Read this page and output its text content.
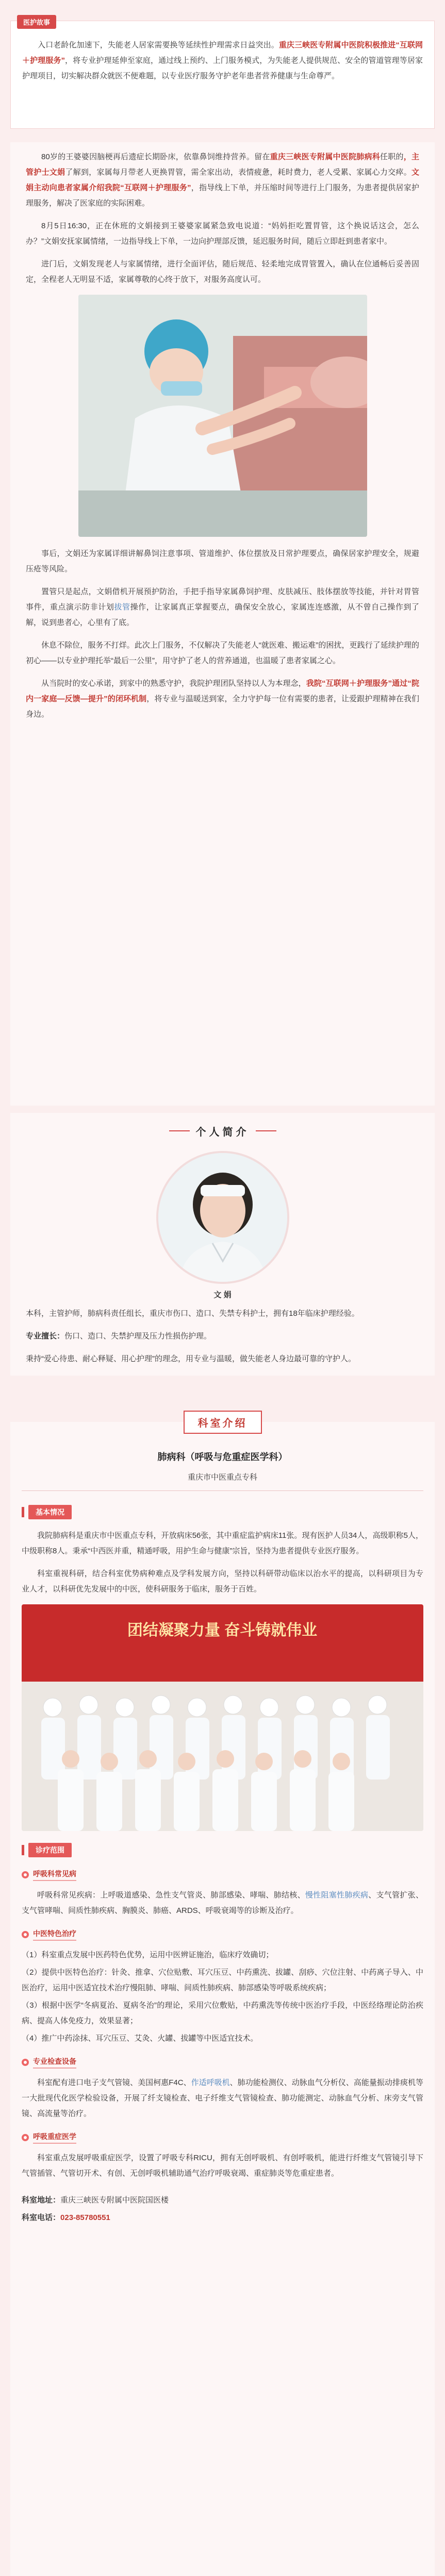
医护故事

入口老龄化加速下，失能老人居家需要换等延续性护理需求日益突出。重庆三峡医专附属中医院积极推进“互联网＋护理服务”，将专业护理延伸至家庭，通过线上预约、上门服务模式，为失能老人提供规范、安全的管道管理等居家护理项目，切实解决群众就医不便难题，以专业医疗服务守护老年患者营养健康与生命尊严。

80岁的王婆婆因脑梗再后遗症长期卧床，依靠鼻饲维持营养。留在重庆三峡医专附属中医院肺病科任职的，主管护士文娟了解到，家属每月带老人更换胃管，需全家出动，表情疲惫，耗时费力，老人受累、家属心力交瘁。文娟主动向患者家属介绍我院“互联网＋护理服务”，指导线上下单，并压缩时间等进行上门服务，为患者提供居家护理服务，解决了医家庭的实际困难。

8月5日16:30，正在休班的文娟接到王婆婆家属紧急致电说道：“妈妈拒吃置胃管，这个换说话这会，怎么办？”文娟安抚家属情绪，一边指导线上下单，一边向护理部反馈，延迟服务时间，随后立即赶到患者家中。

进门后，文娟发现老人与家属情绪，进行全面评估，随后规范、轻柔地完成胃管置入，确认在位通畅后妥善固定，全程老人无明显不适，家属尊敬的心终于放下，对服务高度认可。

事后，文娟还为家属详细讲解鼻饲注意事项、管道维护、体位摆放及日常护理要点，确保居家护理安全，规避压疮等风险。

置管只是起点，文娟借机开展预护防治，手把手指导家属鼻饲护理、皮肤减压、肢体摆放等技能，并针对胃管事件，重点演示防非计划拔管操作，让家属真正掌握要点，确保安全放心，家属连连感激，从不曾自己操作到了解，说到患者心，心里有了底。

休息不除位，服务不打烊。此次上门服务，不仅解决了失能老人“就医难、搬运难”的困扰，更践行了延续护理的初心——以专业护理托举“最后一公里”，用守护了老人的营养通道，也温暖了患者家属之心。

从当院时的安心承诺，到家中的熟悉守护，我院护理团队坚持以人为本理念，我院“互联网＋护理服务”通过“院内一家庭—反馈—提升”的闭环机制，将专业与温暖送到家，全力守护每一位有需要的患者，让爱跟护理精神在我们身边。

个人简介
文 娟

本科，主管护师，肺病科责任组长，重庆市伤口、造口、失禁专科护士，拥有18年临床护理经验。

专业擅长：伤口、造口、失禁护理及压力性损伤护理。

秉持“爱心待患、耐心释疑、用心护理”的理念，用专业与温暖，做失能老人身边最可靠的守护人。

科室介绍
肺病科（呼吸与危重症医学科）
重庆市中医重点专科
基本情况

我院肺病科是重庆市中医重点专科，开放病床56张，其中重症监护病床11张。现有医护人员34人，高级职称5人，中级职称8人。秉承“中西医并重，精通呼吸，用护生命与健康”宗旨，坚持为患者提供专业医疗服务。

科室重视科研，结合科室优势病种难点及学科发展方向，坚持以科研带动临床以治水平的提高，以科研项目为专业人才，以科研优先发展中的中医，使科研服务于临床，服务于百姓。

团结凝聚力量 奋斗铸就伟业
诊疗范围
呼吸科常见病

呼吸科常见疾病：上呼吸道感染、急性支气管炎、肺部感染、哮喘、肺结核、慢性阻塞性肺疾病、支气管扩张、支气管哮喘、间质性肺疾病、胸膜炎、肺癌、ARDS、呼吸衰竭等的诊断及治疗。

中医特色治疗

（1）科室重点发展中医药特色优势，运用中医辨证施治，临床疗效确切；

（2）提供中医特色治疗：针灸、推拿、穴位贴敷、耳穴压豆、中药熏洗、拔罐、刮痧、穴位注射、中药离子导入、中医治疗，运用中医适宜技术治疗慢阻肺、哮喘、间质性肺疾病、肺部感染等呼吸系统疾病；

（3）根据中医学“冬病夏治、夏病冬治”的理论，采用穴位敷贴，中药熏洗等传统中医治疗手段，中医经络理论防治疾病、提高人体免疫力，效果显著；

（4）推广中药涂抹、耳穴压豆、艾灸、火罐、拔罐等中医适宜技术。

专业检查设备

科室配有进口电子支气管镜、美国柯惠F4C、作适呼吸机、肺功能检测仪、动脉血气分析仪、高能量振动排痰机等一大批现代化医学检验设备，开展了纤支镜检查、电子纤维支气管镜检查、肺功能测定、动脉血气分析、床旁支气管镜、高流量等治疗。

呼吸重症医学

科室重点发展呼吸重症医学，设置了呼吸专科RICU，拥有无创呼吸机、有创呼吸机，能进行纤维支气管镜引导下气管插管、气管切开术、有创、无创呼吸机辅助通气治疗呼吸衰竭、重症肺炎等危重症患者。

科室地址：重庆三峡医专附属中医院国医楼
科室电话：023-85780551
